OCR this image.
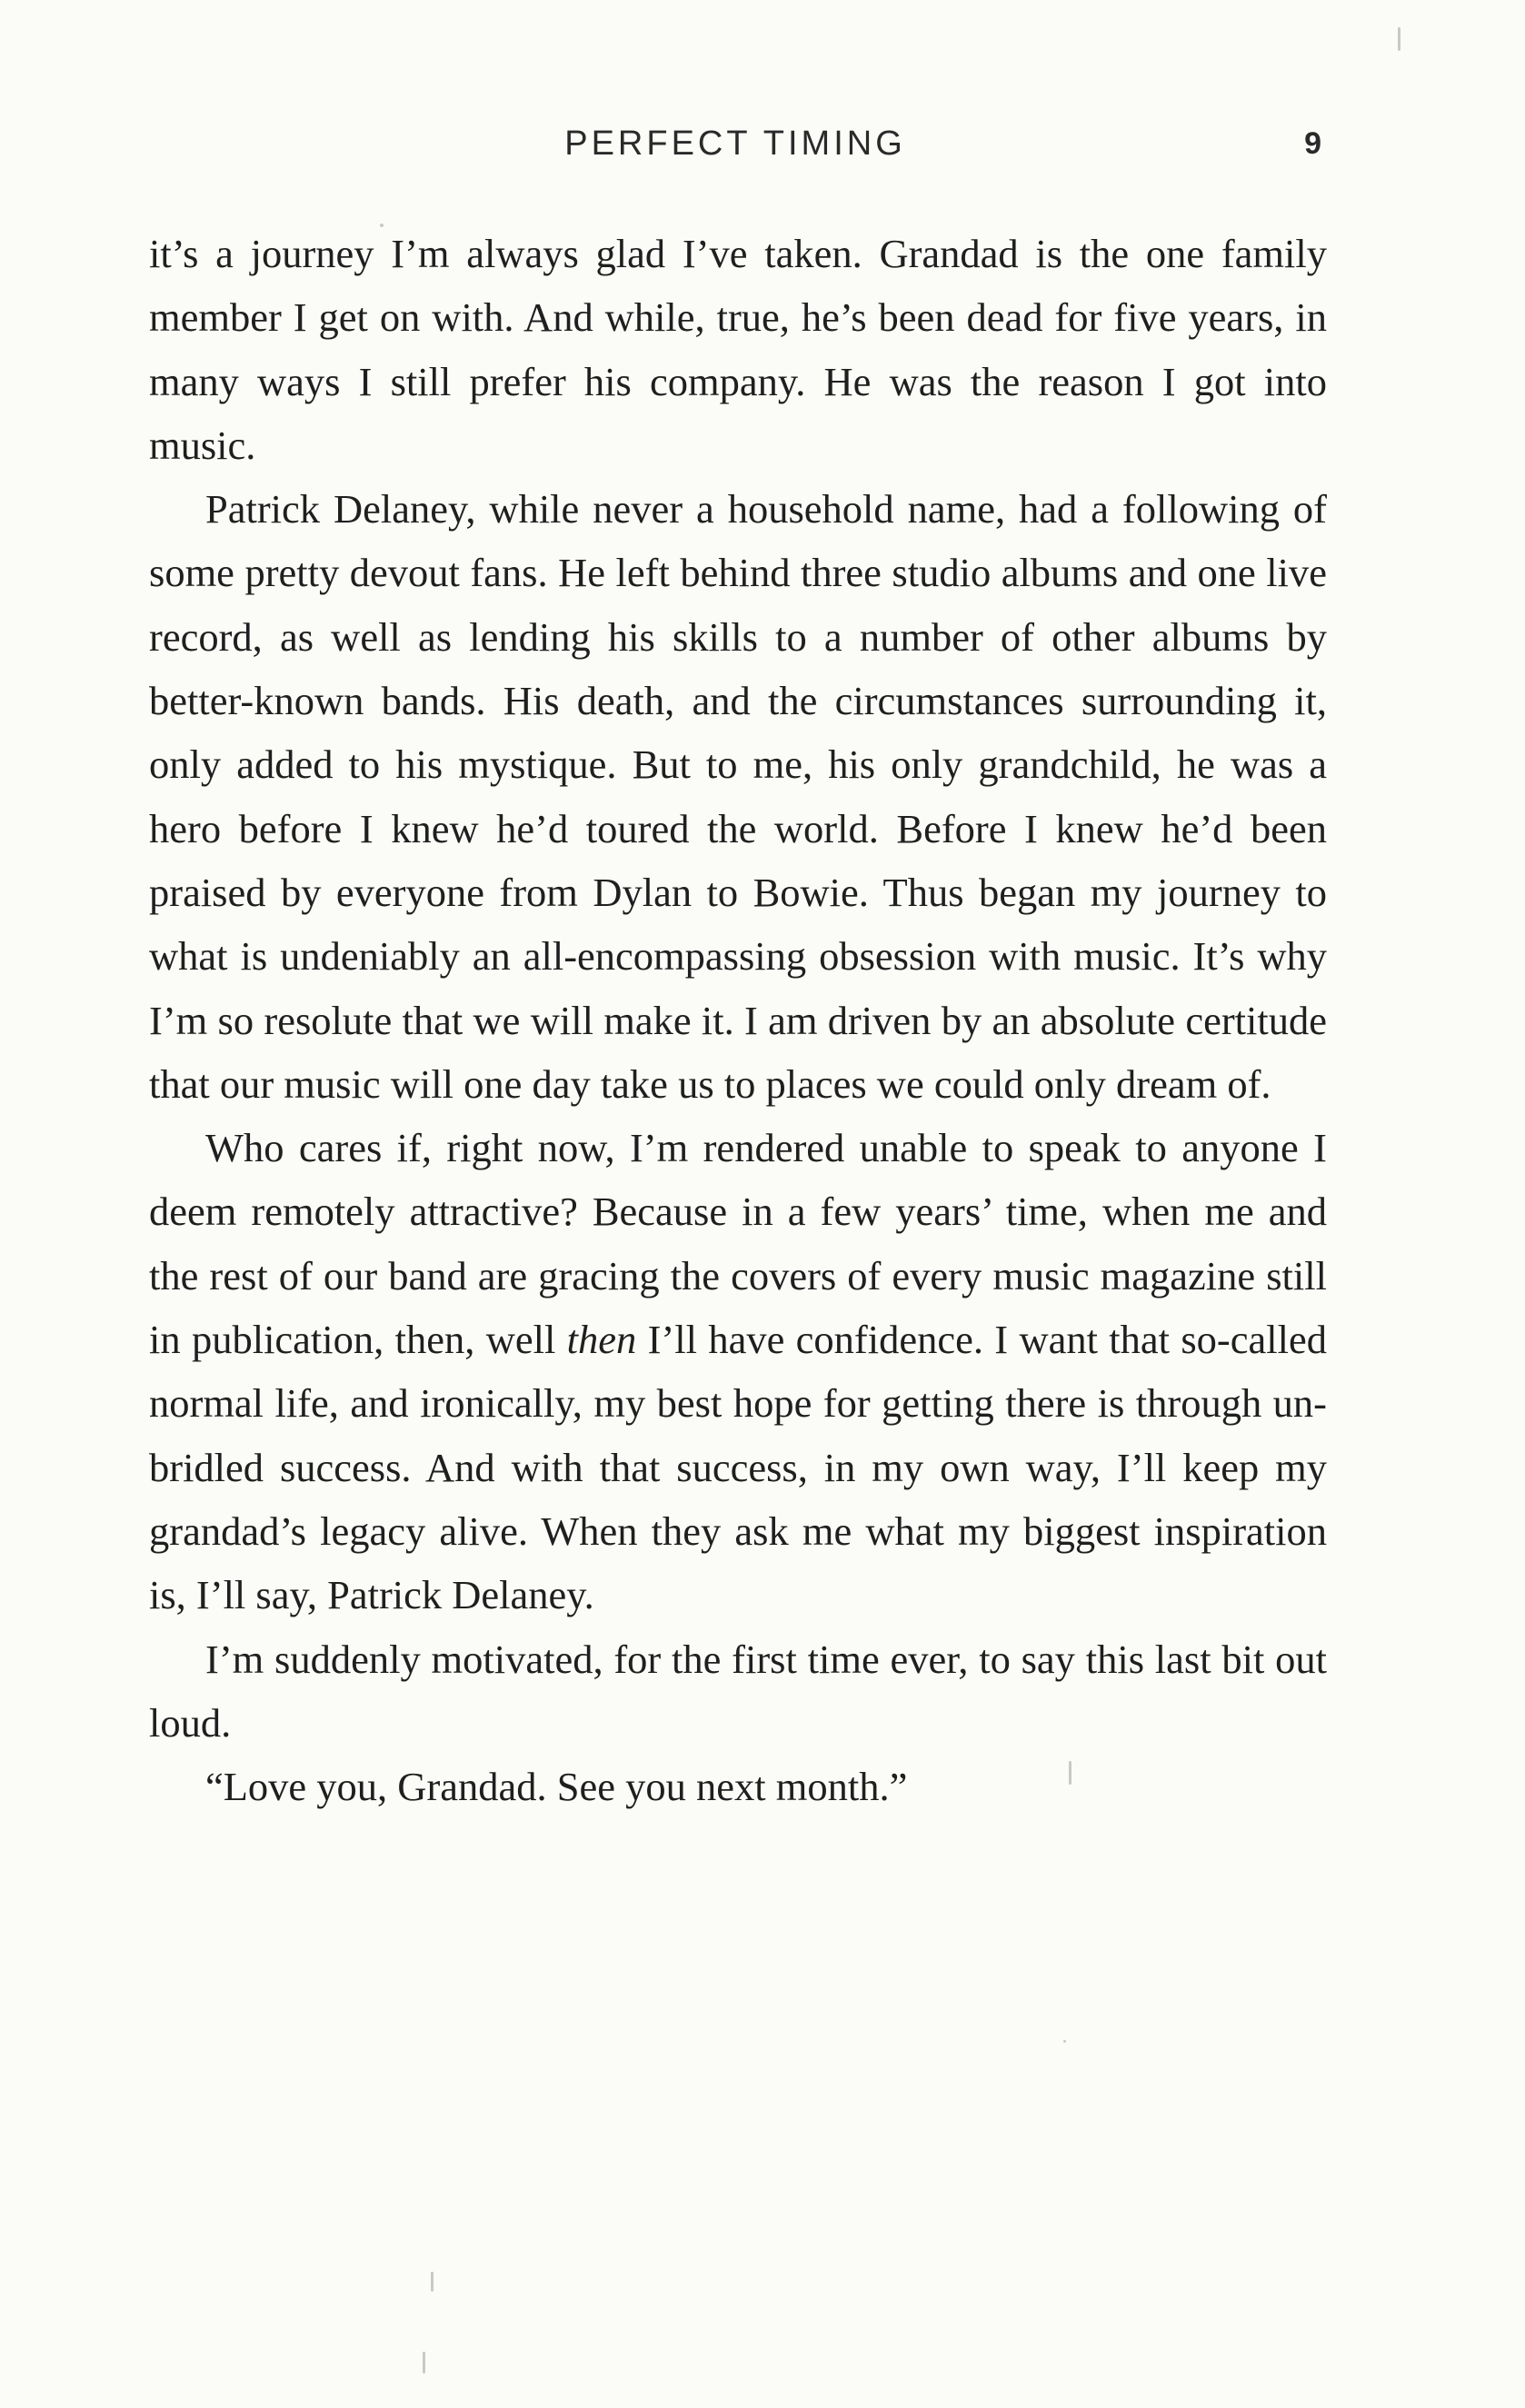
PERFECT TIMING	9

it’s a journey I’m always glad I’ve taken. Grandad is the one family member I get on with. And while, true, he’s been dead for five years, in many ways I still prefer his company. He was the reason I got into music.

Patrick Delaney, while never a household name, had a following of some pretty devout fans. He left behind three studio albums and one live record, as well as lending his skills to a number of other albums by better-known bands. His death, and the circumstances surrounding it, only added to his mystique. But to me, his only grandchild, he was a hero before I knew he’d toured the world. Before I knew he’d been praised by everyone from Dylan to Bowie. Thus began my journey to what is undeniably an all-encompassing obsession with music. It’s why I’m so resolute that we will make it. I am driven by an absolute certitude that our music will one day take us to places we could only dream of.

Who cares if, right now, I’m rendered unable to speak to anyone I deem remotely attractive? Because in a few years’ time, when me and the rest of our band are gracing the covers of every music magazine still in publication, then, well then I’ll have confidence. I want that so-called normal life, and ironically, my best hope for getting there is through unbridled success. And with that success, in my own way, I’ll keep my grandad’s legacy alive. When they ask me what my biggest inspiration is, I’ll say, Patrick Delaney.

I’m suddenly motivated, for the first time ever, to say this last bit out loud.

“Love you, Grandad. See you next month.”
